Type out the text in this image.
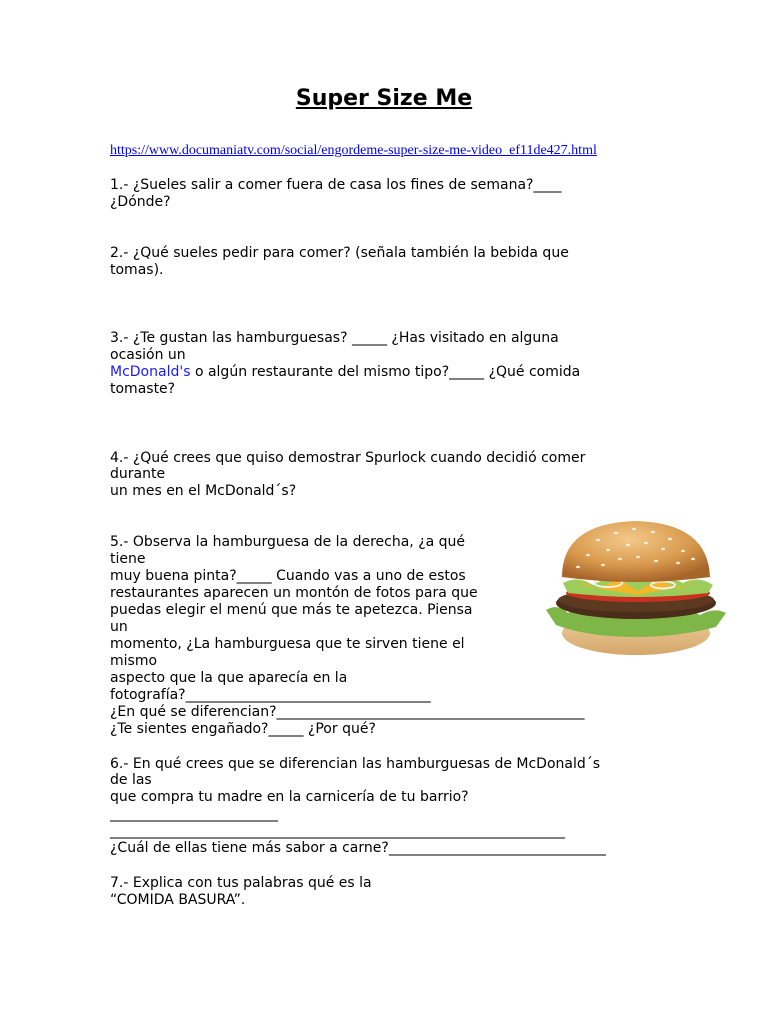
Super Size Me
https://www.documaniatv.com/social/engordeme-super-size-me-video_ef11de427.html
1.- ¿Sueles salir a comer fuera de casa los fines de semana?____
¿Dónde?
2.- ¿Qué sueles pedir para comer? (señala también la bebida que
tomas).
3.- ¿Te gustan las hamburguesas? _____ ¿Has visitado en alguna
ocasión un
McDonald's o algún restaurante del mismo tipo?_____ ¿Qué comida
tomaste?
4.- ¿Qué crees que quiso demostrar Spurlock cuando decidió comer
durante
un mes en el McDonald´s?
5.- Observa la hamburguesa de la derecha, ¿a qué
tiene
muy buena pinta?_____ Cuando vas a uno de estos
restaurantes aparecen un montón de fotos para que
puedas elegir el menú que más te apetezca. Piensa
un
momento, ¿La hamburguesa que te sirven tiene el
mismo
aspecto que la que aparecía en la
fotografía?___________________________________
¿En qué se diferencian?____________________________________________
¿Te sientes engañado?_____ ¿Por qué?
6.- En qué crees que se diferencian las hamburguesas de McDonald´s
de las
que compra tu madre en la carnicería de tu barrio?
________________________
_________________________________________________________________
¿Cuál de ellas tiene más sabor a carne?_______________________________
7.- Explica con tus palabras qué es la
“COMIDA BASURA”.
